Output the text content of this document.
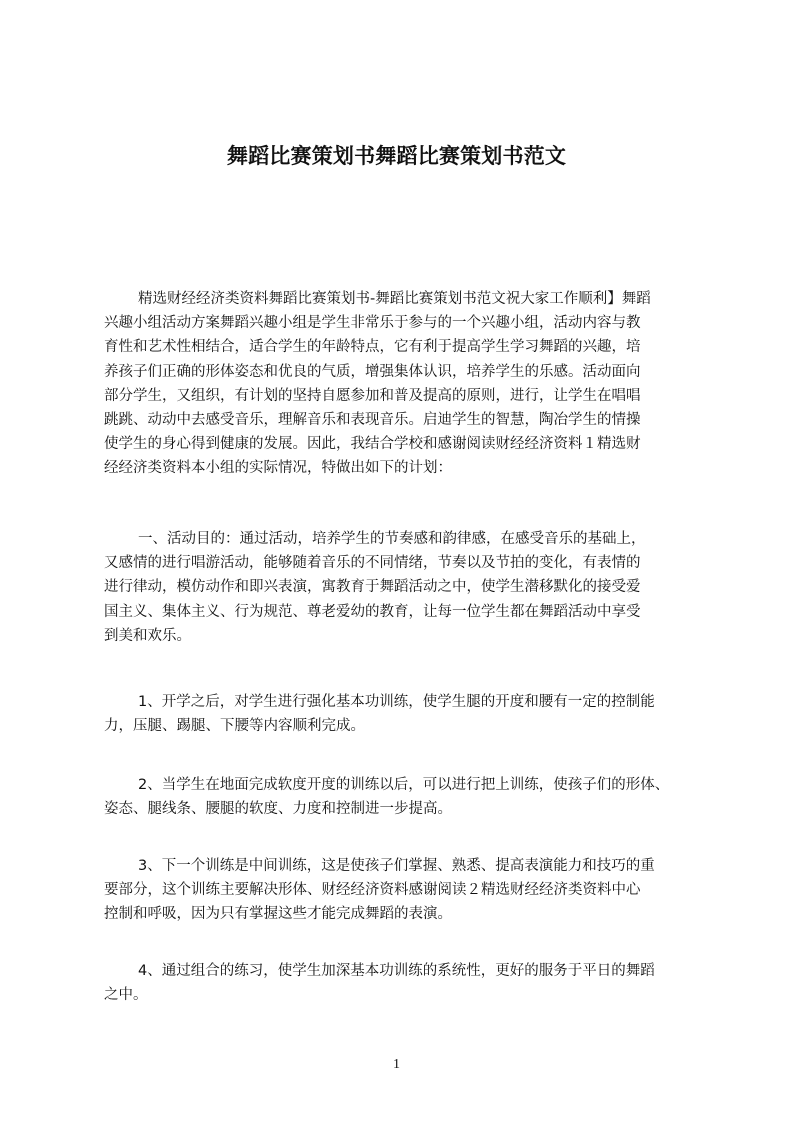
舞蹈比赛策划书舞蹈比赛策划书范文
精选财经经济类资料舞蹈比赛策划书-舞蹈比赛策划书范文祝大家工作顺利】舞蹈
兴趣小组活动方案舞蹈兴趣小组是学生非常乐于参与的一个兴趣小组，活动内容与教
育性和艺术性相结合，适合学生的年龄特点，它有利于提高学生学习舞蹈的兴趣，培
养孩子们正确的形体姿态和优良的气质，增强集体认识，培养学生的乐感。活动面向
部分学生，又组织，有计划的坚持自愿参加和普及提高的原则，进行，让学生在唱唱
跳跳、动动中去感受音乐，理解音乐和表现音乐。启迪学生的智慧，陶冶学生的情操
使学生的身心得到健康的发展。因此，我结合学校和感谢阅读财经经济资料１精选财
经经济类资料本小组的实际情况，特做出如下的计划：
一、活动目的：通过活动，培养学生的节奏感和韵律感，在感受音乐的基础上，
又感情的进行唱游活动，能够随着音乐的不同情绪，节奏以及节拍的变化，有表情的
进行律动，模仿动作和即兴表演，寓教育于舞蹈活动之中，使学生潜移默化的接受爱
国主义、集体主义、行为规范、尊老爱幼的教育，让每一位学生都在舞蹈活动中享受
到美和欢乐。
1、开学之后，对学生进行强化基本功训练，使学生腿的开度和腰有一定的控制能
力，压腿、踢腿、下腰等内容顺利完成。
2、当学生在地面完成软度开度的训练以后，可以进行把上训练，使孩子们的形体、
姿态、腿线条、腰腿的软度、力度和控制进一步提高。
3、下一个训练是中间训练，这是使孩子们掌握、熟悉、提高表演能力和技巧的重
要部分，这个训练主要解决形体、财经经济资料感谢阅读２精选财经经济类资料中心
控制和呼吸，因为只有掌握这些才能完成舞蹈的表演。
4、通过组合的练习，使学生加深基本功训练的系统性，更好的服务于平日的舞蹈
之中。
1
